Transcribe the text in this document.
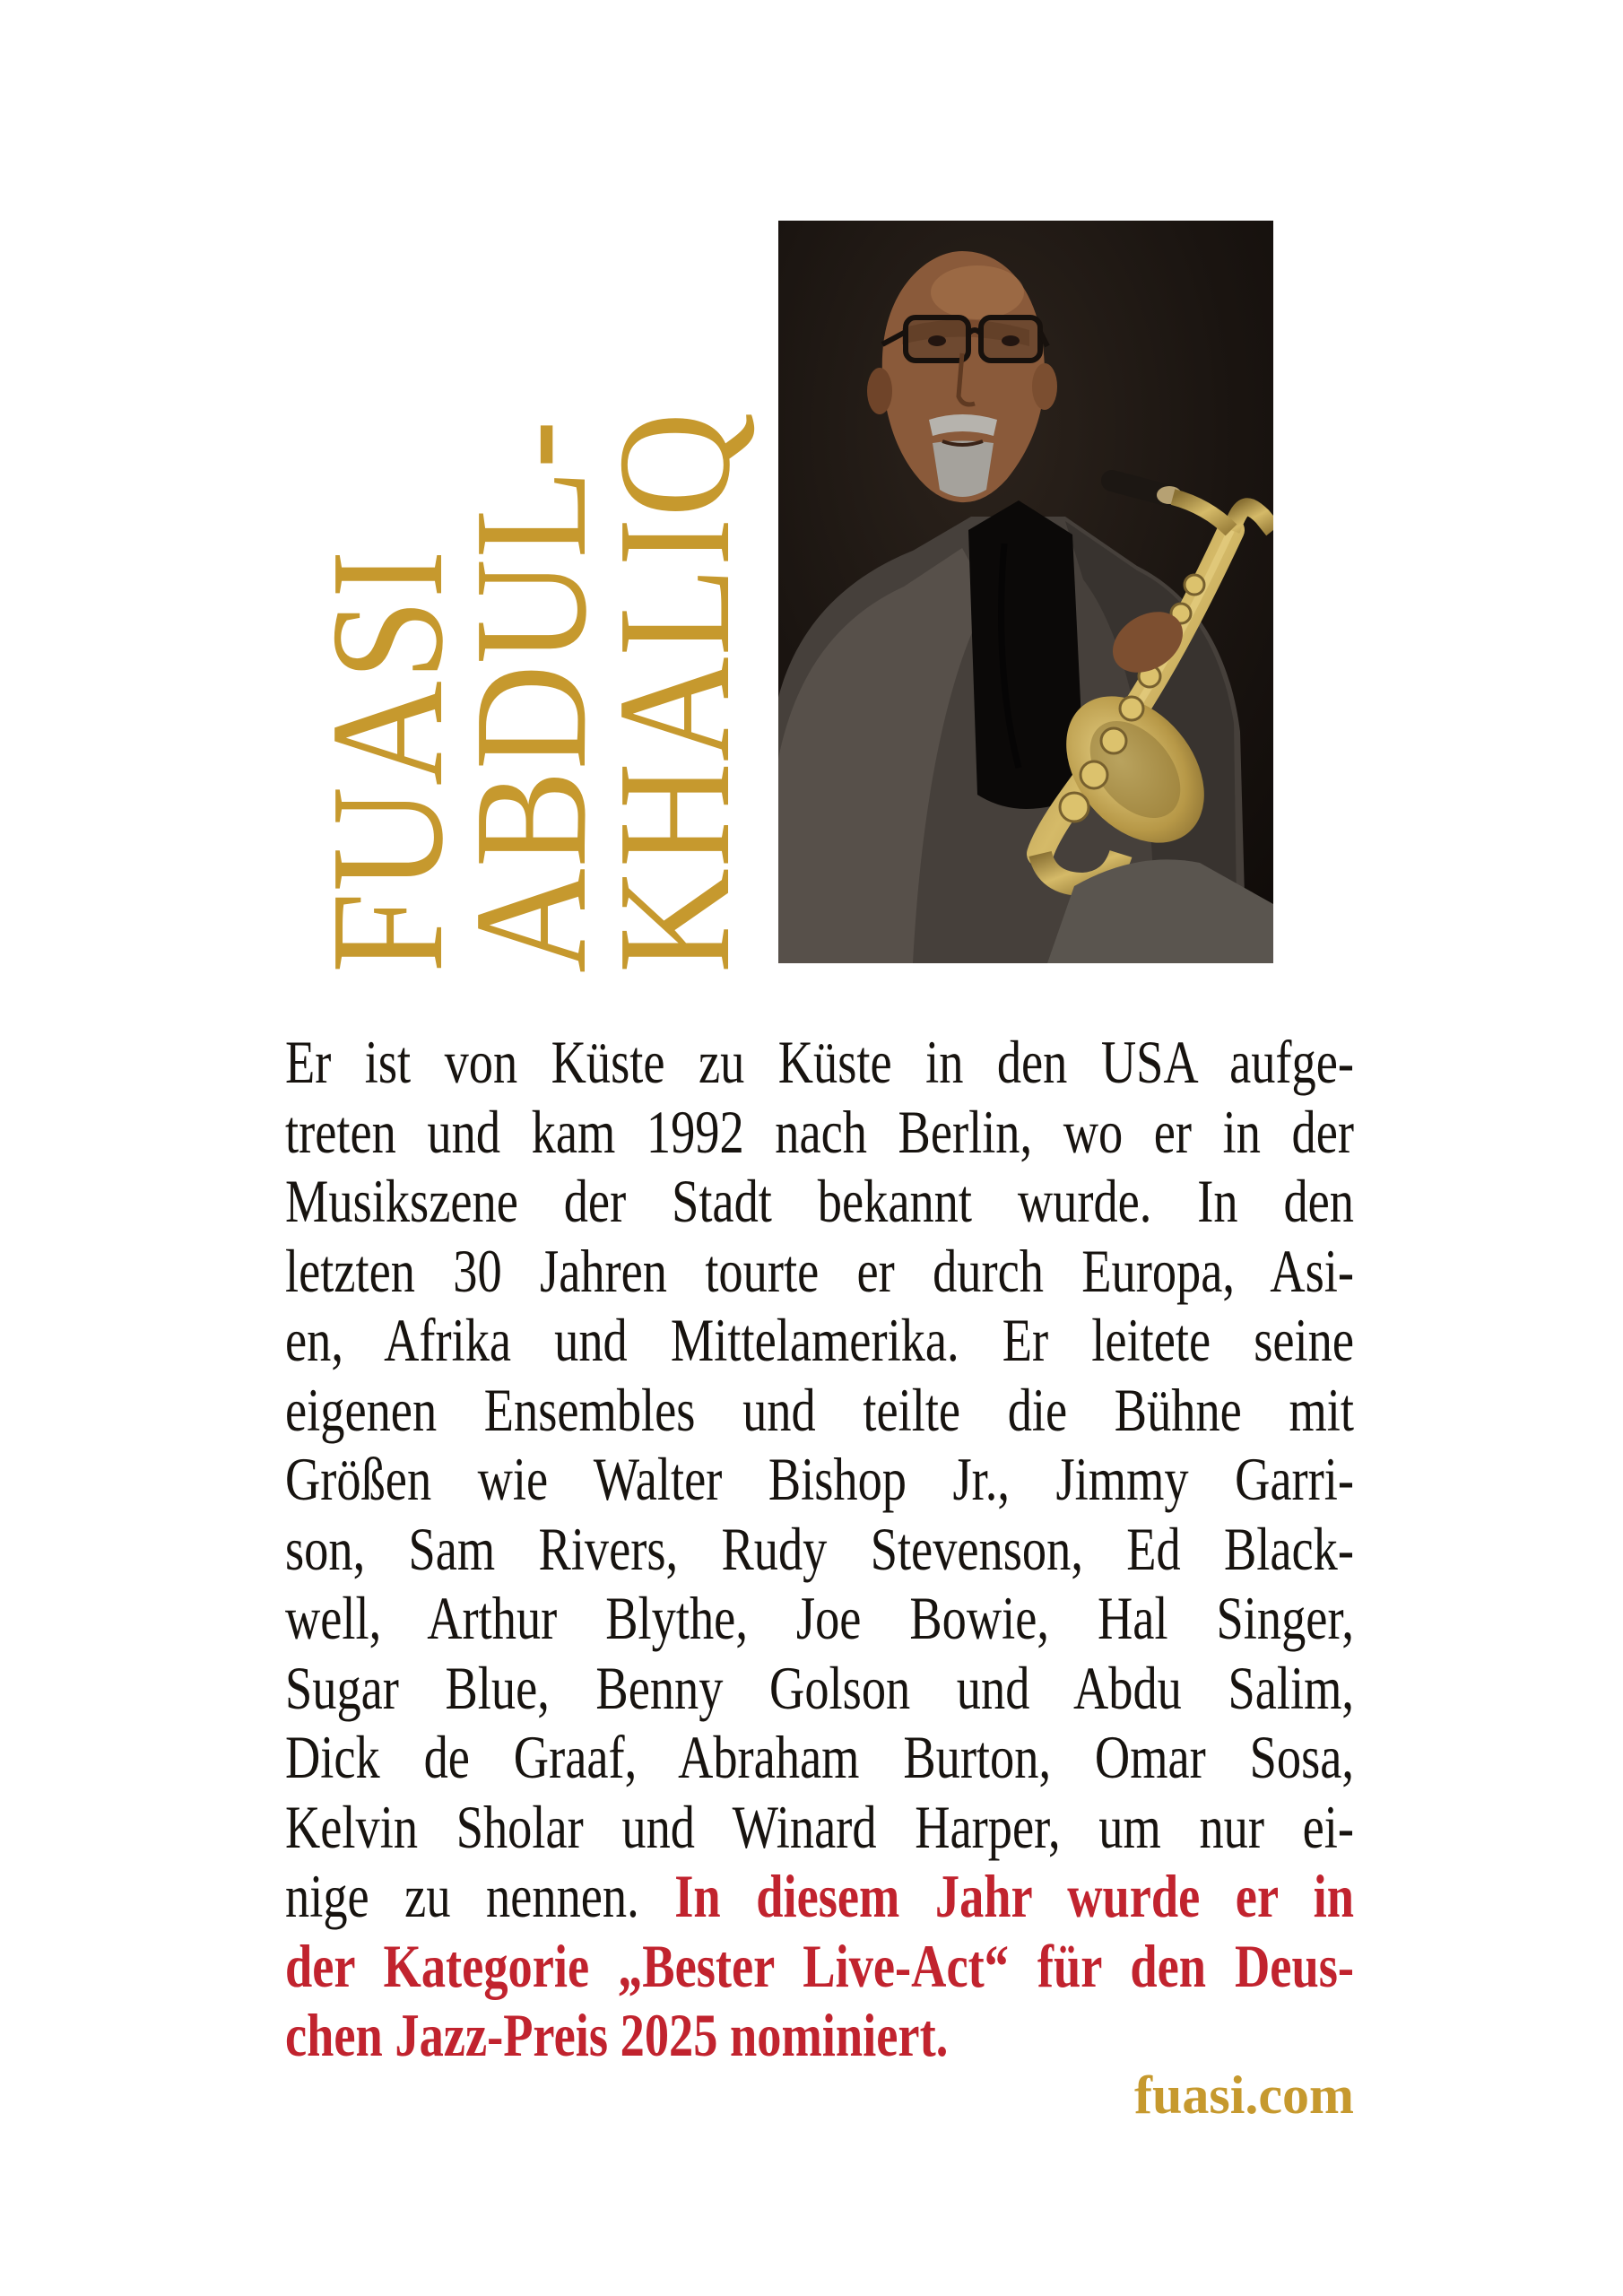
FUASI
ABDUL-
KHALIQ
Er ist von Küste zu Küste in den USA aufge-
treten und kam 1992 nach Berlin, wo er in der
Musikszene der Stadt bekannt wurde. In den
letzten 30 Jahren tourte er durch Europa, Asi-
en, Afrika und Mittelamerika. Er leitete seine
eigenen Ensembles und teilte die Bühne mit
Größen wie Walter Bishop Jr., Jimmy Garri-
son, Sam Rivers, Rudy Stevenson, Ed Black-
well, Arthur Blythe, Joe Bowie, Hal Singer,
Sugar Blue, Benny Golson und Abdu Salim,
Dick de Graaf, Abraham Burton, Omar Sosa,
Kelvin Sholar und Winard Harper, um nur ei-
nige zu nennen. In diesem Jahr wurde er in
der Kategorie „Bester Live-Act“ für den Deus-
chen Jazz-Preis 2025 nominiert.
fuasi.com
